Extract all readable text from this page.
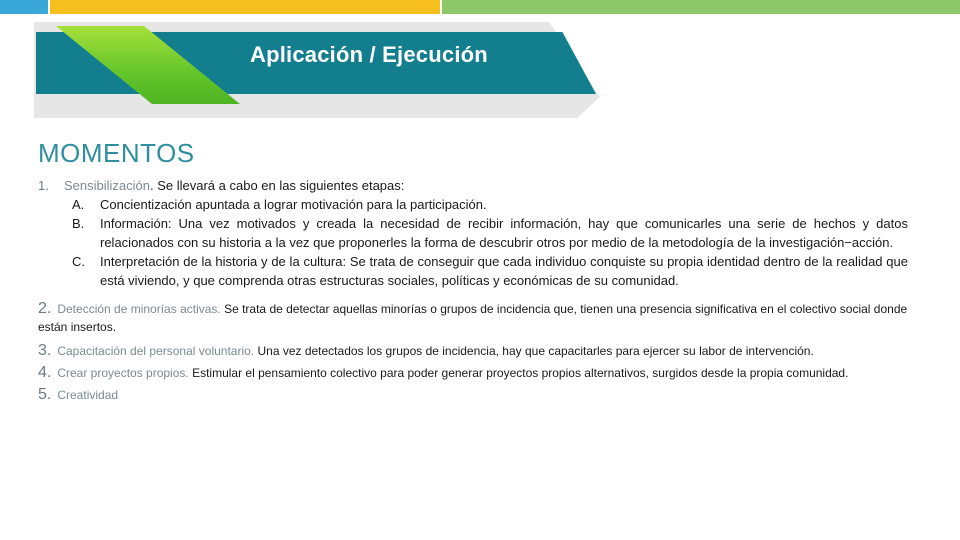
Aplicación / Ejecución
MOMENTOS
1.	Sensibilización. Se llevará a cabo en las siguientes etapas:
A.	Concientización apuntada a lograr motivación para la participación.
B.	Información: Una vez motivados y creada la necesidad de recibir información, hay que comunicarles una serie de hechos y datos relacionados con su historia a la vez que proponerles la forma de descubrir otros por medio de la metodología de la investigación−acción.
C.	Interpretación de la historia y de la cultura: Se trata de conseguir que cada individuo conquiste su propia identidad dentro de la realidad que está viviendo, y que comprenda otras estructuras sociales, políticas y económicas de su comunidad.
2. Detección de minorías activas. Se trata de detectar aquellas minorías o grupos de incidencia que, tienen una presencia significativa en el colectivo social donde están insertos.
3. Capacitación del personal voluntario. Una vez detectados los grupos de incidencia, hay que capacitarles para ejercer su labor de intervención.
4. Crear proyectos propios. Estimular el pensamiento colectivo para poder generar proyectos propios alternativos, surgidos desde la propia comunidad.
5. Creatividad
